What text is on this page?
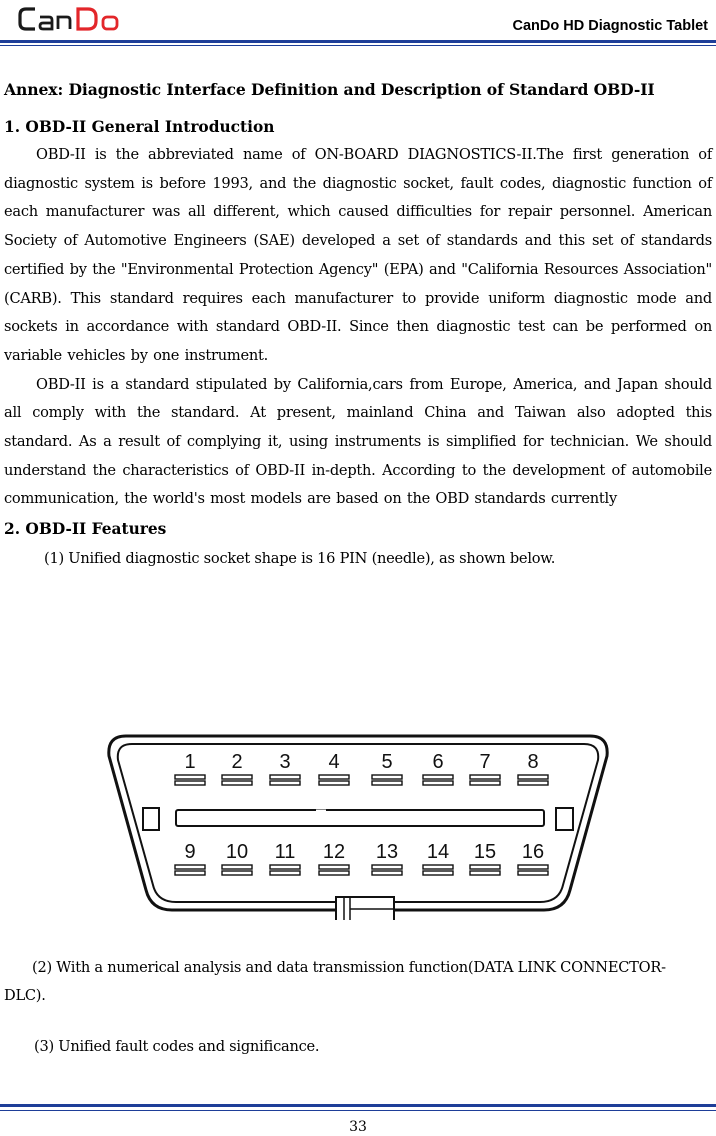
CanDo HD Diagnostic Tablet

Annex: Diagnostic Interface Definition and Description of Standard OBD-II

1. OBD-II General Introduction

OBD-II is the abbreviated name of ON-BOARD DIAGNOSTICS-II.The first generation of diagnostic system is before 1993, and the diagnostic socket, fault codes, diagnostic function of each manufacturer was all different, which caused difficulties for repair personnel. American Society of Automotive Engineers (SAE) developed a set of standards and this set of standards certified by the "Environmental Protection Agency" (EPA) and "California Resources Association" (CARB). This standard requires each manufacturer to provide uniform diagnostic mode and sockets in accordance with standard OBD-II. Since then diagnostic test can be performed on variable vehicles by one instrument.

OBD-II is a standard stipulated by California,cars from Europe, America, and Japan should all comply with the standard. At present, mainland China and Taiwan also adopted this standard. As a result of complying it, using instruments is simplified for technician. We should understand the characteristics of OBD-II in-depth. According to the development of automobile communication, the world's most models are based on the OBD standards currently

2. OBD-II Features

(1) Unified diagnostic socket shape is 16 PIN (needle), as shown below.

1 2 3 4 5 6 7 8
9 10 11 12 13 14 15 16

(2) With a numerical analysis and data transmission function(DATA LINK CONNECTOR-DLC).

(3) Unified fault codes and significance.

33
